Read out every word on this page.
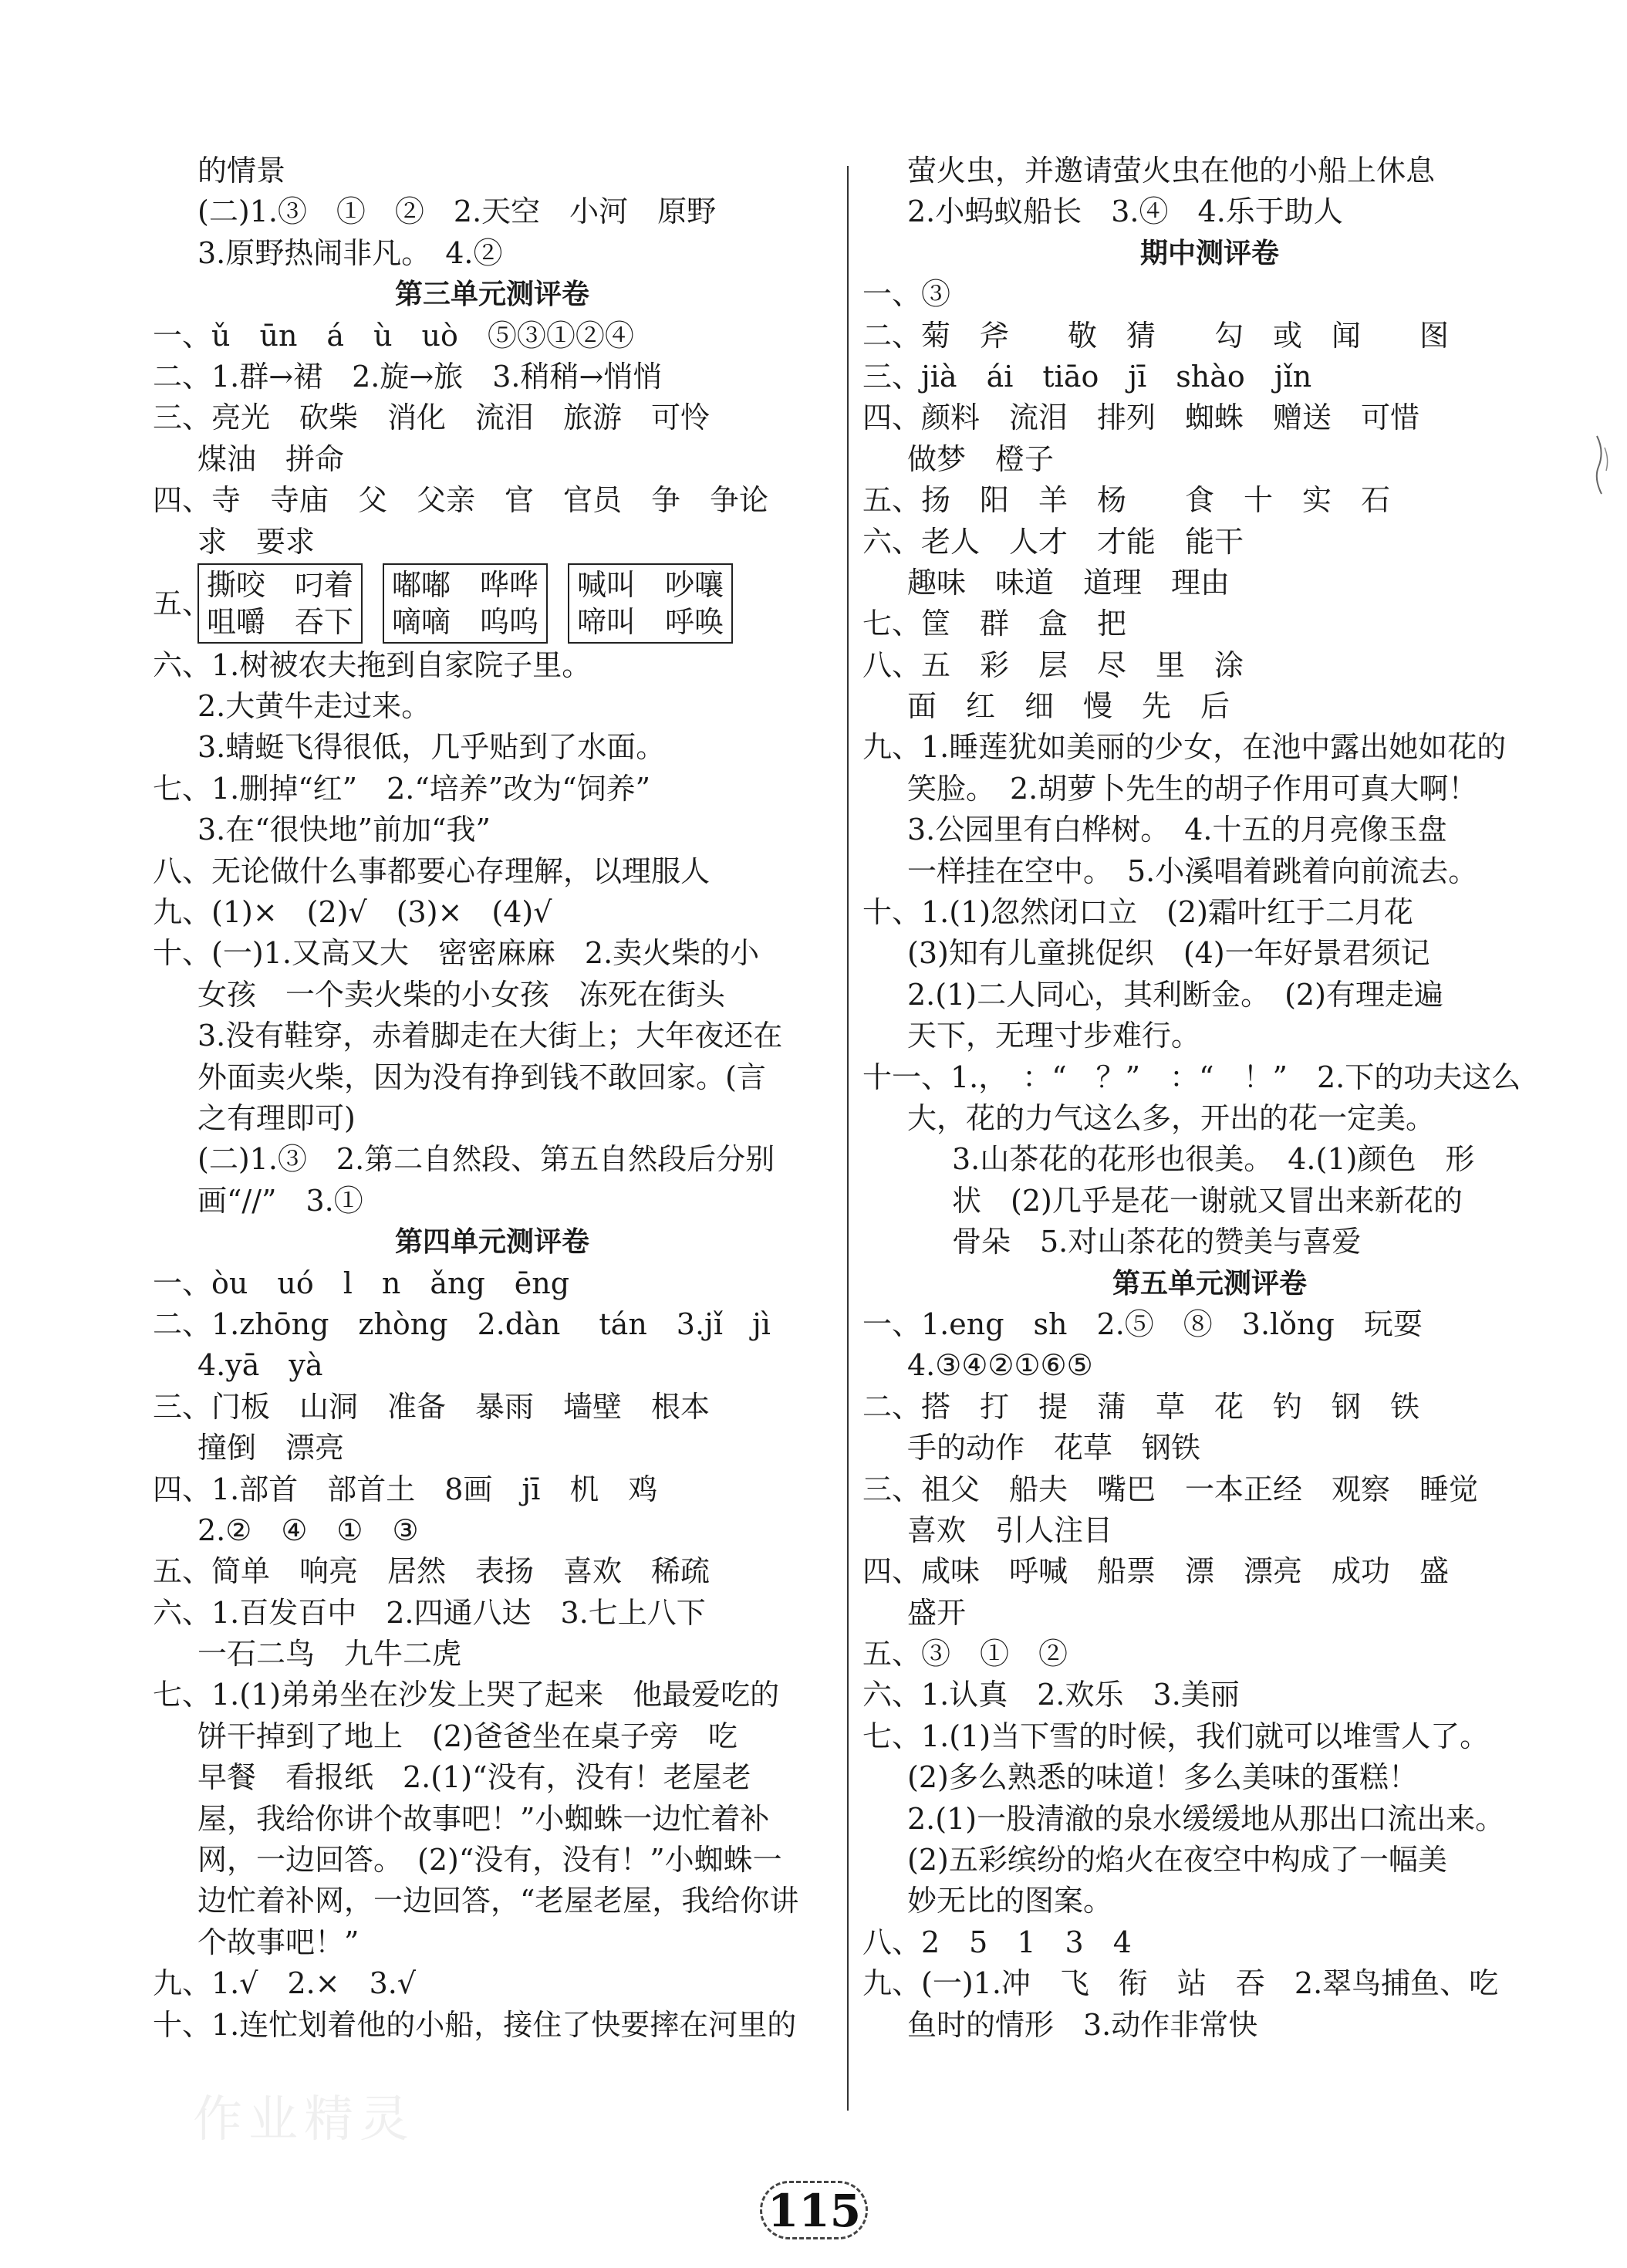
的情景
(二)1.③　①　②　2.天空　小河　原野
3.原野热闹非凡。　4.②
第三单元测评卷
一、ǔ　ūn　á　ù　uò　⑤③①②④
二、1.群→裙　2.旋→旅　3.稍稍→悄悄
三、亮光　砍柴　消化　流泪　旅游　可怜
煤油　拼命
四、寺　寺庙　父　父亲　官　官员　争　争论
求　要求
五、
撕咬　叼着
咀嚼　吞下
嘟嘟　哗哗
嘀嘀　呜呜
喊叫　吵嚷
啼叫　呼唤
六、1.树被农夫拖到自家院子里。
2.大黄牛走过来。
3.蜻蜓飞得很低，几乎贴到了水面。
七、1.删掉“红”　2.“培养”改为“饲养”
3.在“很快地”前加“我”
八、无论做什么事都要心存理解，以理服人
九、(1)×　(2)√　(3)×　(4)√
十、(一)1.又高又大　密密麻麻　2.卖火柴的小
女孩　一个卖火柴的小女孩　冻死在街头
3.没有鞋穿，赤着脚走在大街上；大年夜还在
外面卖火柴，因为没有挣到钱不敢回家。(言
之有理即可)
(二)1.③　2.第二自然段、第五自然段后分别
画“//”　3.①
第四单元测评卷
一、òu　uó　l　n　ǎng　ēng
二、1.zhōng　zhòng　2.dàn　 tán　3.jǐ　jì
4.yā　yà
三、门板　山洞　准备　暴雨　墙壁　根本
撞倒　漂亮
四、1.部首　部首土　8画　jī　机　鸡
2.②　④　①　③
五、简单　响亮　居然　表扬　喜欢　稀疏
六、1.百发百中　2.四通八达　3.七上八下
一石二鸟　九牛二虎
七、1.(1)弟弟坐在沙发上哭了起来　他最爱吃的
饼干掉到了地上　(2)爸爸坐在桌子旁　吃
早餐　看报纸　2.(1)“没有，没有！老屋老
屋，我给你讲个故事吧！”小蜘蛛一边忙着补
网，一边回答。　(2)“没有，没有！”小蜘蛛一
边忙着补网，一边回答，“老屋老屋，我给你讲
个故事吧！”
九、1.√　2.×　3.√
十、1.连忙划着他的小船，接住了快要摔在河里的
萤火虫，并邀请萤火虫在他的小船上休息
2.小蚂蚁船长　3.④　4.乐于助人
期中测评卷
一、③
二、菊　斧　　敬　猜　　勾　或　闻　　图
三、jià　ái　tiāo　jī　shào　jǐn
四、颜料　流泪　排列　蜘蛛　赠送　可惜
做梦　橙子
五、扬　阳　羊　杨　　食　十　实　石
六、老人　人才　才能　能干
趣味　味道　道理　理由
七、筐　群　盒　把
八、五　彩　层　尽　里　涂
面　红　细　慢　先　后
九、1.睡莲犹如美丽的少女，在池中露出她如花的
笑脸。　2.胡萝卜先生的胡子作用可真大啊！
3.公园里有白桦树。　4.十五的月亮像玉盘
一样挂在空中。　5.小溪唱着跳着向前流去。
十、1.(1)忽然闭口立　(2)霜叶红于二月花
(3)知有儿童挑促织　(4)一年好景君须记
2.(1)二人同心，其利断金。　(2)有理走遍
天下，无理寸步难行。
十一、1.，　：“　？”　：“　！”　2.下的功夫这么
大，花的力气这么多，开出的花一定美。
3.山茶花的花形也很美。　4.(1)颜色　形
状　(2)几乎是花一谢就又冒出来新花的
骨朵　5.对山茶花的赞美与喜爱
第五单元测评卷
一、1.eng　sh　2.⑤　⑧　3.lǒng　玩耍
4.③④②①⑥⑤
二、搭　打　提　蒲　草　花　钓　钢　铁
手的动作　花草　钢铁
三、祖父　船夫　嘴巴　一本正经　观察　睡觉
喜欢　引人注目
四、咸味　呼喊　船票　漂　漂亮　成功　盛
盛开
五、③　①　②
六、1.认真　2.欢乐　3.美丽
七、1.(1)当下雪的时候，我们就可以堆雪人了。
(2)多么熟悉的味道！多么美味的蛋糕！
2.(1)一股清澈的泉水缓缓地从那出口流出来。
(2)五彩缤纷的焰火在夜空中构成了一幅美
妙无比的图案。
八、2　5　1　3　4
九、(一)1.冲　飞　衔　站　吞　2.翠鸟捕鱼、吃
鱼时的情形　3.动作非常快
作业精灵
115
